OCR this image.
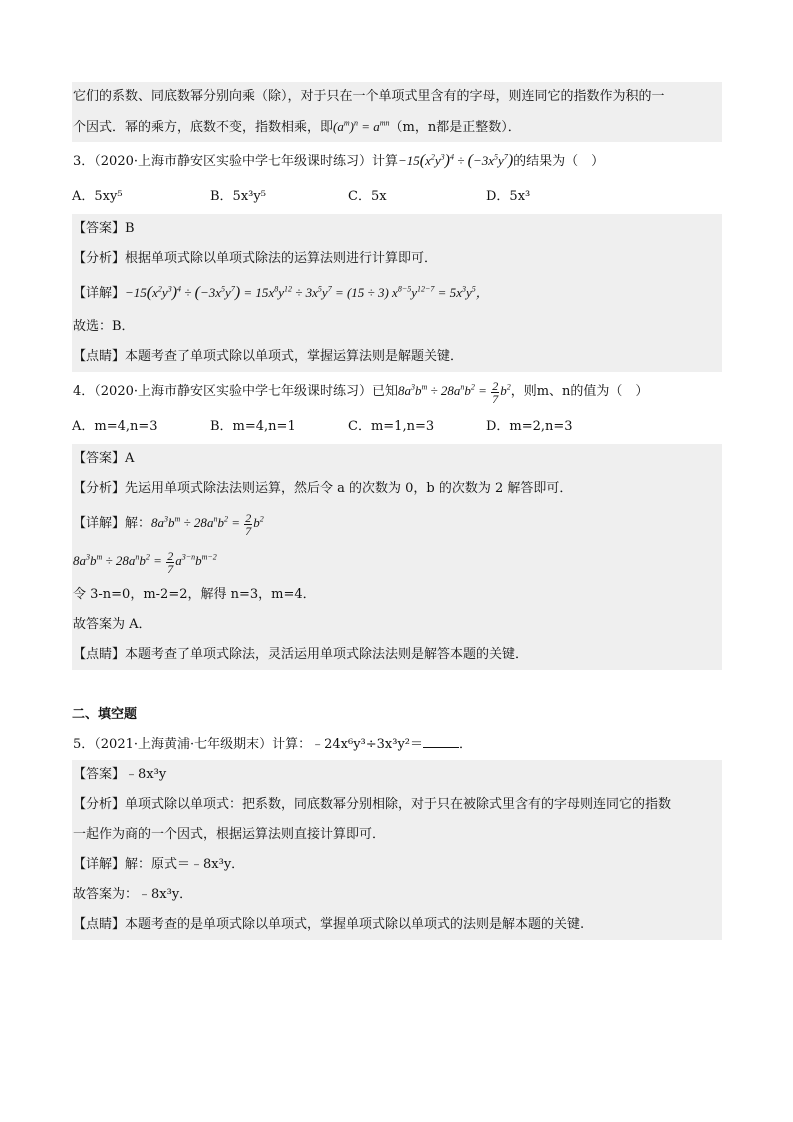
它们的系数、同底数幂分别向乘（除），对于只在一个单项式里含有的字母，则连同它的指数作为积的一
个因式．幂的乘方，底数不变，指数相乘，即$(a^m)^n = a^{mn}(m$，n都是正整数）．
3．（2020·上海市静安区实验中学七年级课时练习）计算$-15(x^2y^3)^4 \div (-3x^5y^7)$的结果为（　）
A．5xy⁵	B．5x³y⁵	C．5x	D．5x³
【答案】B
【分析】根据单项式除以单项式除法的运算法则进行计算即可．
【详解】$-15(x^2y^3)^4 \div (-3x^5y^7) = 15x^8y^{12} \div 3x^5y^7 = (15 \div 3) x^{8-5}y^{12-7} = 5x^3y^5$，
故选：B．
【点睛】本题考查了单项式除以单项式，掌握运算法则是解题关键．
4．（2020·上海市静安区实验中学七年级课时练习）已知$8a^3b^m \div 28a^nb^2 = \frac{2}{7} b^2$，则m、n的值为（　）
A．m=4,n=3	B．m=4,n=1	C．m=1,n=3	D．m=2,n=3
【答案】A
【分析】先运用单项式除法法则运算，然后令 a 的次数为 0，b 的次数为 2 解答即可．
【详解】解：$8a^3b^m \div 28a^nb^2 = \frac{2}{7} b^2$
$8a^3b^m \div 28a^nb^2 = \frac{2}{7} a^{3-n}b^{m-2}$
令 3-n=0，m-2=2，解得 n=3，m=4．
故答案为 A．
【点睛】本题考查了单项式除法，灵活运用单项式除法法则是解答本题的关键．
二、填空题
5．（2021·上海黄浦·七年级期末）计算：﹣24x⁶y³÷3x³y²＝	．
【答案】﹣8x³y
【分析】单项式除以单项式：把系数，同底数幂分别相除，对于只在被除式里含有的字母则连同它的指数
一起作为商的一个因式，根据运算法则直接计算即可．
【详解】解：原式＝﹣8x³y．
故答案为：﹣8x³y．
【点睛】本题考查的是单项式除以单项式，掌握单项式除以单项式的法则是解本题的关键.
